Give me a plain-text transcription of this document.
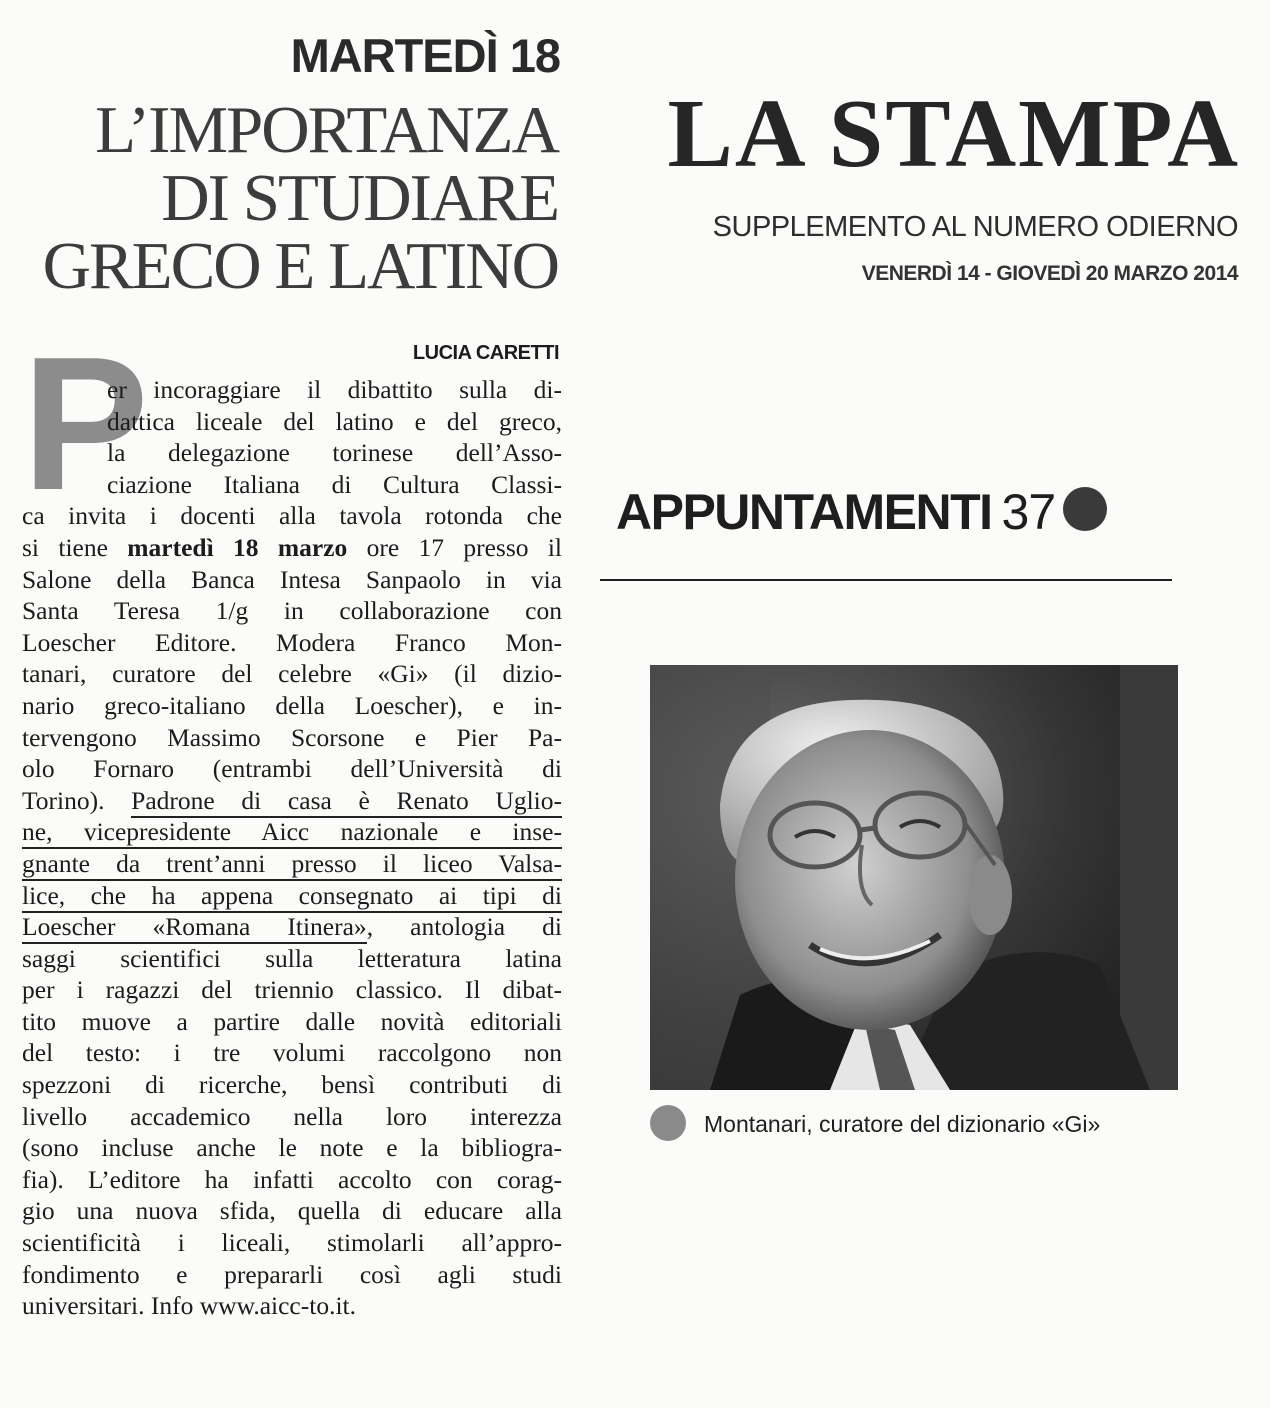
MARTEDÌ 18
L’IMPORTANZA
DI STUDIARE
GRECO E LATINO
LUCIA CARETTI
P
er incoraggiare il dibattito sulla di-
dattica liceale del latino e del greco,
la delegazione torinese dell’Asso-
ciazione Italiana di Cultura Classi-
ca invita i docenti alla tavola rotonda che
si tiene martedì 18 marzo ore 17 presso il
Salone della Banca Intesa Sanpaolo in via
Santa Teresa 1/g in collaborazione con
Loescher Editore. Modera Franco Mon-
tanari, curatore del celebre «Gi» (il dizio-
nario greco-italiano della Loescher), e in-
tervengono Massimo Scorsone e Pier Pa-
olo Fornaro (entrambi dell’Università di
Torino). Padrone di casa è Renato Uglio-
ne, vicepresidente Aicc nazionale e inse-
gnante da trent’anni presso il liceo Valsa-
lice, che ha appena consegnato ai tipi di
Loescher «Romana Itinera», antologia di
saggi scientifici sulla letteratura latina
per i ragazzi del triennio classico. Il dibat-
tito muove a partire dalle novità editoriali
del testo: i tre volumi raccolgono non
spezzoni di ricerche, bensì contributi di
livello accademico nella loro interezza
(sono incluse anche le note e la bibliogra-
fia). L’editore ha infatti accolto con corag-
gio una nuova sfida, quella di educare alla
scientificità i liceali, stimolarli all’appro-
fondimento e prepararli così agli studi
universitari. Info www.aicc-to.it.
LA STAMPA
SUPPLEMENTO AL NUMERO ODIERNO
VENERDÌ 14 - GIOVEDÌ 20 MARZO 2014
APPUNTAMENTI 37
Montanari, curatore del dizionario «Gi»
